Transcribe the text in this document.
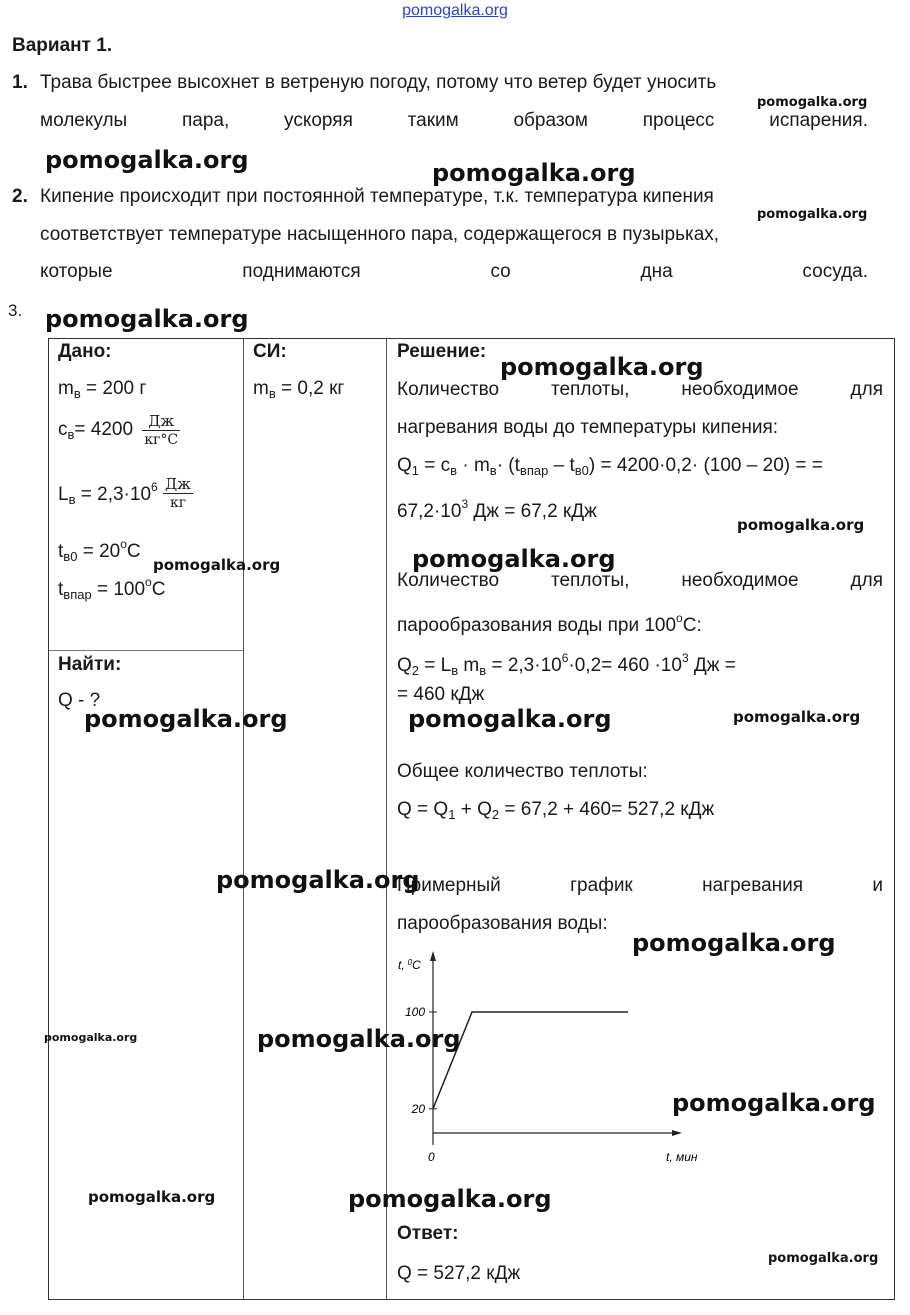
pomogalka.org
Вариант 1.
1. Трава быстрее высохнет в ветреную погоду, потому что ветер будет уносить
молекулы пара, ускоряя таким образом процесс испарения.
2. Кипение происходит при постоянной температуре, т.к. температура кипения
соответствует температуре насыщенного пара, содержащегося в пузырьках,
которые поднимаются со дна сосуда.
3.
Дано:
$m_в = 200$ г
$c_в= 4200 \frac{Дж}{кг^\circ C}$
$L_в = 2,3\cdot 10^6 \frac{Дж}{кг}$
$t_{в0} = 20^oC$
$t_{впар} = 100^oC$
Найти:
Q - ?
СИ:
$m_в = 0,2$ кг
Решение:
Количество теплоты, необходимое для
нагревания воды до температуры кипения:
$Q_1 = c_в \cdot m_в\cdot (t_{впар} - t_{в0}) = 4200\cdot 0,2\cdot (100 - 20)$ = =
$67,2\cdot 10^3$ Дж = 67,2 кДж
Количество теплоты, необходимое для
парообразования воды при 100$^o$C:
$Q_2 = L_в$ $m_в = 2,3\cdot 10^6\cdot 0,2= 460 \cdot 10^3$ Дж =
= 460 кДж
Общее количество теплоты:
$Q = Q_1 + Q_2 = 67,2 + 460= 527,2$ кДж
Примерный график нагревания и
парообразования воды:
t, $^0$C
t, мин
0
100
20
Ответ:
Q = 527,2 кДж
pomogalka.org
pomogalka.org	pomogalka.org
pomogalka.org
pomogalka.org
pomogalka.org
pomogalka.org
pomogalka.org
pomogalka.org
pomogalka.org	pomogalka.org	pomogalka.org
pomogalka.org
pomogalka.org
pomogalka.org	pomogalka.org
pomogalka.org
pomogalka.org	pomogalka.org
pomogalka.org
